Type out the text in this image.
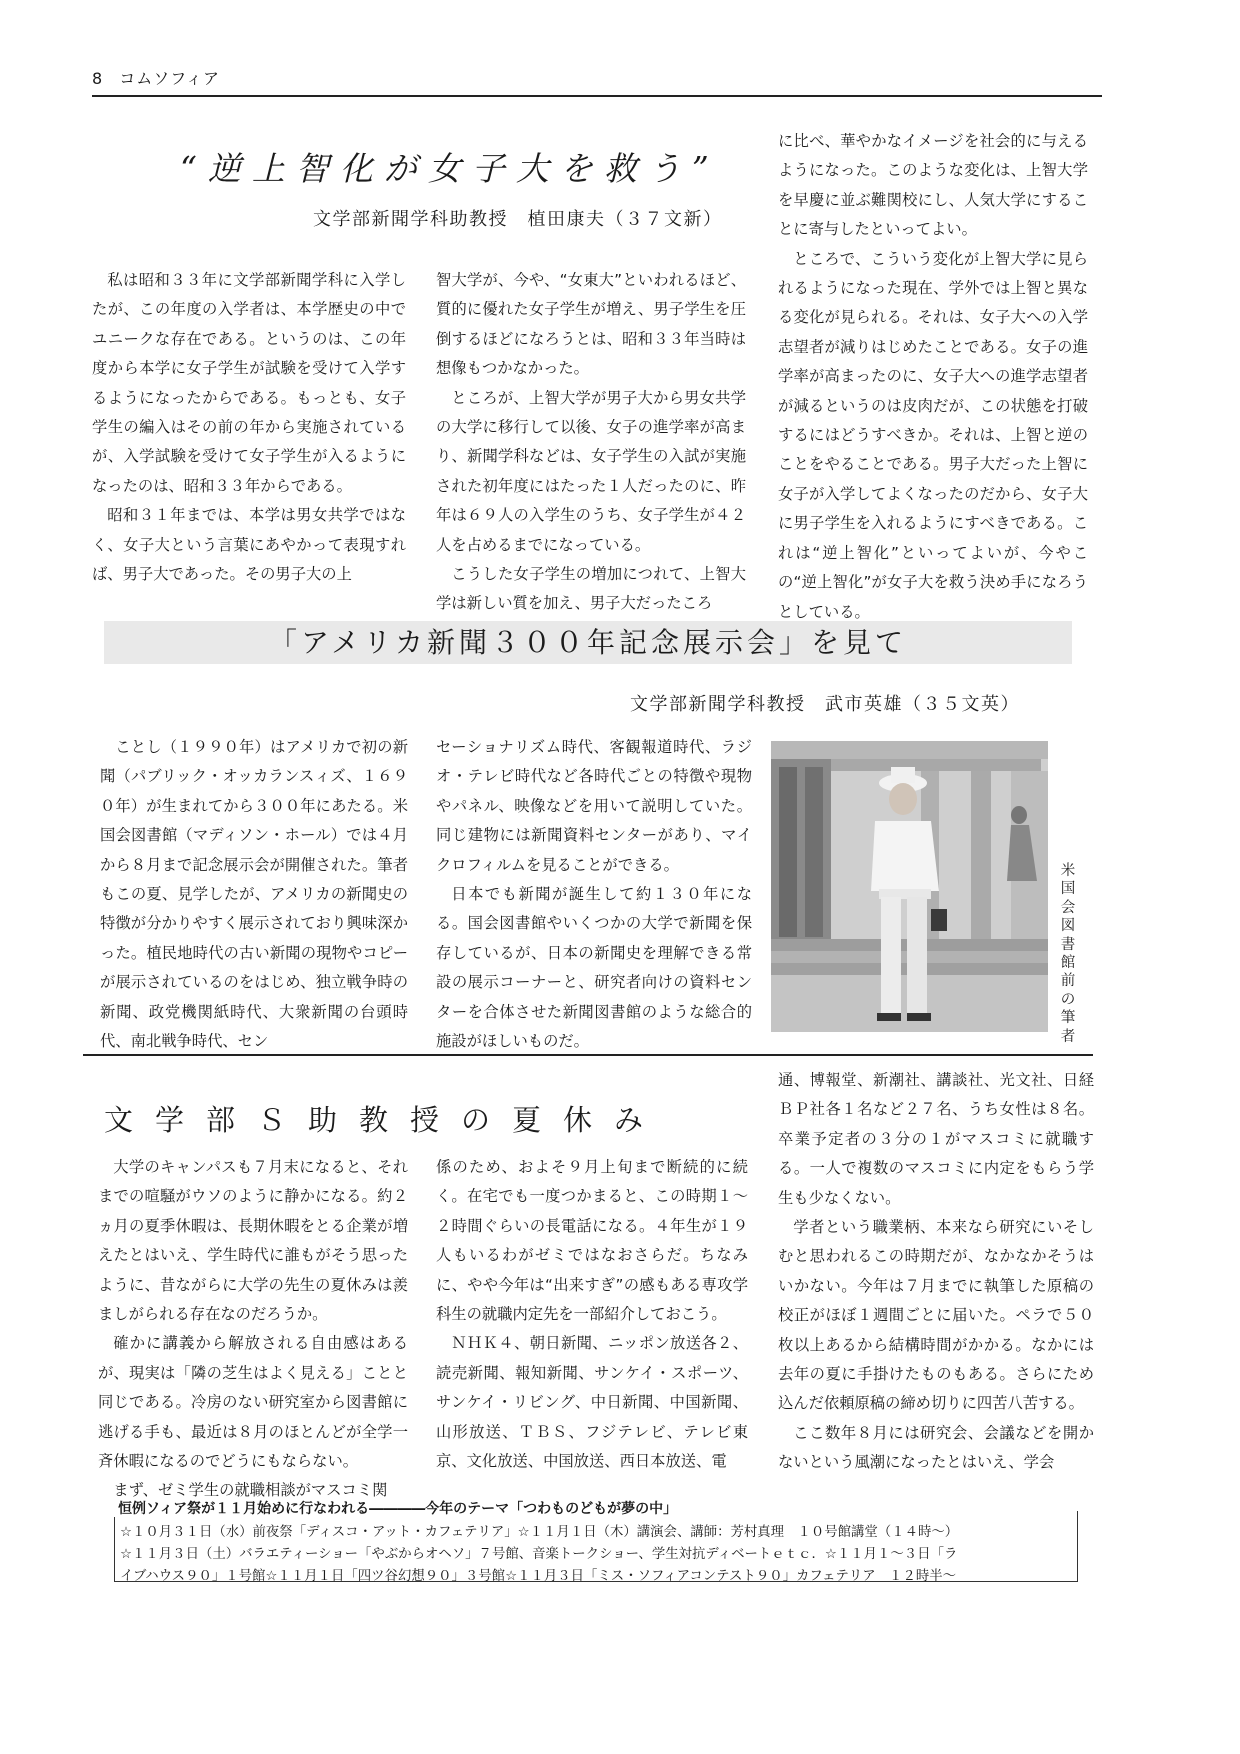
8 コムソフィア
“逆上智化が女子大を救う”
文学部新聞学科助教授　植田康夫（３７文新）

私は昭和３３年に文学部新聞学科に入学したが、この年度の入学者は、本学歴史の中でユニークな存在である。というのは、この年度から本学に女子学生が試験を受けて入学するようになったからである。もっとも、女子学生の編入はその前の年から実施されているが、入学試験を受けて女子学生が入るようになったのは、昭和３３年からである。

昭和３１年までは、本学は男女共学ではなく、女子大という言葉にあやかって表現すれば、男子大であった。その男子大の上

智大学が、今や、“女東大”といわれるほど、質的に優れた女子学生が増え、男子学生を圧倒するほどになろうとは、昭和３３年当時は想像もつかなかった。

ところが、上智大学が男子大から男女共学の大学に移行して以後、女子の進学率が高まり、新聞学科などは、女子学生の入試が実施された初年度にはたった１人だったのに、昨年は６９人の入学生のうち、女子学生が４２人を占めるまでになっている。

こうした女子学生の増加につれて、上智大学は新しい質を加え、男子大だったころ

に比べ、華やかなイメージを社会的に与えるようになった。このような変化は、上智大学を早慶に並ぶ難関校にし、人気大学にすることに寄与したといってよい。

ところで、こういう変化が上智大学に見られるようになった現在、学外では上智と異なる変化が見られる。それは、女子大への入学志望者が減りはじめたことである。女子の進学率が高まったのに、女子大への進学志望者が減るというのは皮肉だが、この状態を打破するにはどうすべきか。それは、上智と逆のことをやることである。男子大だった上智に女子が入学してよくなったのだから、女子大に男子学生を入れるようにすべきである。これは“逆上智化”といってよいが、今やこの“逆上智化”が女子大を救う決め手になろうとしている。

「アメリカ新聞３００年記念展示会」を見て
文学部新聞学科教授　武市英雄（３５文英）

ことし（１９９０年）はアメリカで初の新聞（パブリック・オッカランスィズ、１６９０年）が生まれてから３００年にあたる。米国会図書館（マディソン・ホール）では４月から８月まで記念展示会が開催された。筆者もこの夏、見学したが、アメリカの新聞史の特徴が分かりやすく展示されており興味深かった。植民地時代の古い新聞の現物やコピーが展示されているのをはじめ、独立戦争時の新聞、政党機関紙時代、大衆新聞の台頭時代、南北戦争時代、セン

セーショナリズム時代、客観報道時代、ラジオ・テレビ時代など各時代ごとの特徴や現物やパネル、映像などを用いて説明していた。同じ建物には新聞資料センターがあり、マイクロフィルムを見ることができる。

日本でも新聞が誕生して約１３０年になる。国会図書館やいくつかの大学で新聞を保存しているが、日本の新聞史を理解できる常設の展示コーナーと、研究者向けの資料センターを合体させた新聞図書館のような総合的施設がほしいものだ。

米国会図書館前の筆者
文学部Ｓ助教授の夏休み

大学のキャンパスも７月末になると、それまでの喧騒がウソのように静かになる。約２ヵ月の夏季休暇は、長期休暇をとる企業が増えたとはいえ、学生時代に誰もがそう思ったように、昔ながらに大学の先生の夏休みは羨ましがられる存在なのだろうか。

確かに講義から解放される自由感はあるが、現実は「隣の芝生はよく見える」ことと同じである。冷房のない研究室から図書館に逃げる手も、最近は８月のほとんどが全学一斉休暇になるのでどうにもならない。

まず、ゼミ学生の就職相談がマスコミ関

係のため、およそ９月上旬まで断続的に続く。在宅でも一度つかまると、この時期１〜２時間ぐらいの長電話になる。４年生が１９人もいるわがゼミではなおさらだ。ちなみに、やや今年は“出来すぎ”の感もある専攻学科生の就職内定先を一部紹介しておこう。

ＮＨＫ４、朝日新聞、ニッポン放送各２、読売新聞、報知新聞、サンケイ・スポーツ、サンケイ・リビング、中日新聞、中国新聞、山形放送、ＴＢＳ、フジテレビ、テレビ東京、文化放送、中国放送、西日本放送、電

通、博報堂、新潮社、講談社、光文社、日経ＢＰ社各１名など２７名、うち女性は８名。卒業予定者の３分の１がマスコミに就職する。一人で複数のマスコミに内定をもらう学生も少なくない。

学者という職業柄、本来なら研究にいそしむと思われるこの時期だが、なかなかそうはいかない。今年は７月までに執筆した原稿の校正がほぼ１週間ごとに届いた。ペラで５０枚以上あるから結構時間がかかる。なかには去年の夏に手掛けたものもある。さらにため込んだ依頼原稿の締め切りに四苦八苦する。

ここ数年８月には研究会、会議などを開かないという風潮になったとはいえ、学会

恒例ソィア祭が１１月始めに行なわれる――――今年のテーマ「つわものどもが夢の中」
☆１０月３１日（水）前夜祭「ディスコ・アット・カフェテリア」☆１１月１日（木）講演会、講師：芳村真理　１０号館講堂（１４時〜）
☆１１月３日（土）バラエティーショー「やぶからオヘソ」７号館、音楽トークショー、学生対抗ディベートｅｔｃ．☆１１月１〜３日「ラ
イブハウス９０」１号館☆１１月１日「四ツ谷幻想９０」３号館☆１１月３日「ミス・ソフィアコンテスト９０」カフェテリア　１２時半〜
